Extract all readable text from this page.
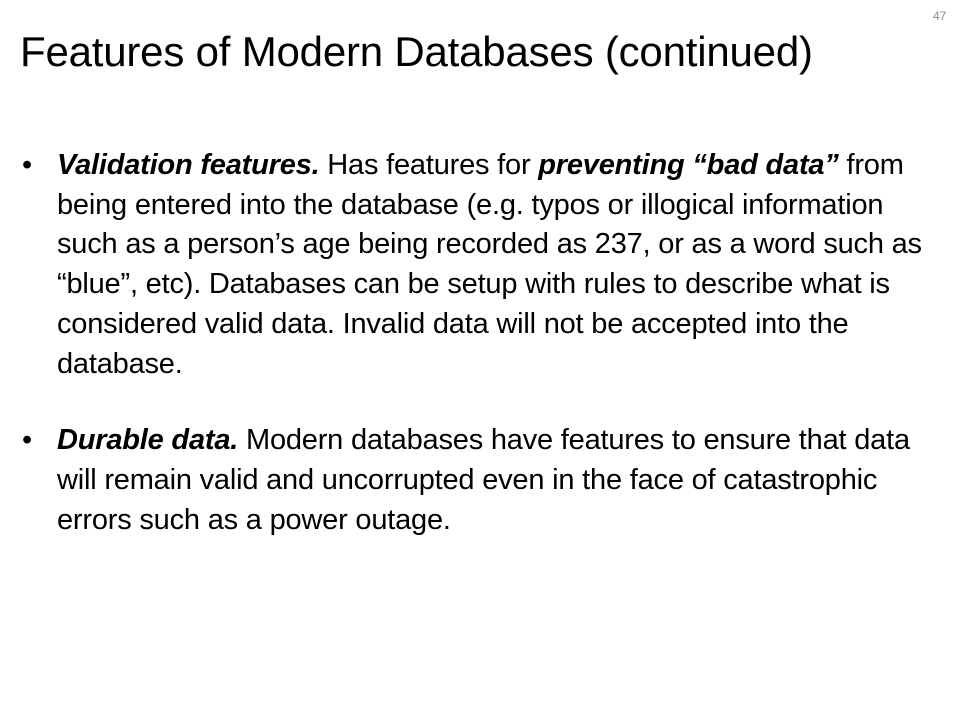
47
Features of Modern Databases (continued)
• Validation features. Has features for preventing “bad data” from being entered into the database (e.g. typos or illogical information such as a person’s age being recorded as 237, or as a word such as “blue”, etc). Databases can be setup with rules to describe what is considered valid data. Invalid data will not be accepted into the database.
• Durable data. Modern databases have features to ensure that data will remain valid and uncorrupted even in the face of catastrophic errors such as a power outage.
